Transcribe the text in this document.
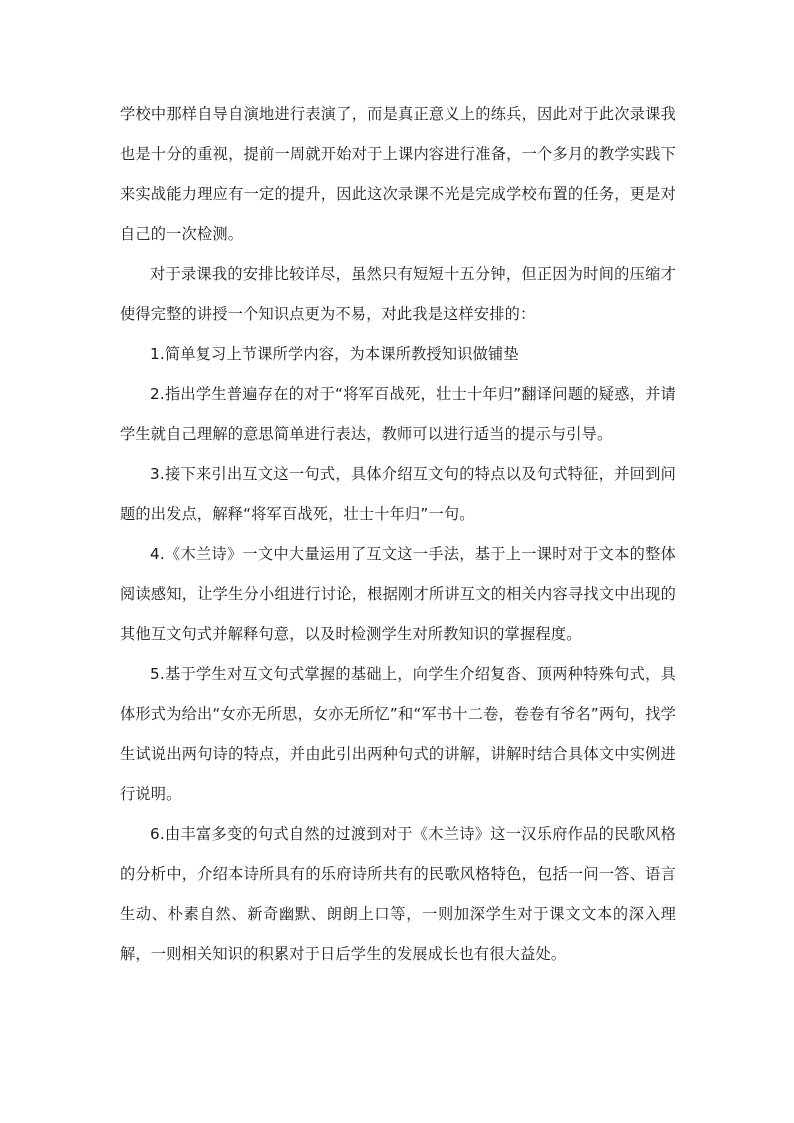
学校中那样自导自演地进行表演了，而是真正意义上的练兵，因此对于此次录课我也是十分的重视，提前一周就开始对于上课内容进行准备，一个多月的教学实践下来实战能力理应有一定的提升，因此这次录课不光是完成学校布置的任务，更是对自己的一次检测。

对于录课我的安排比较详尽，虽然只有短短十五分钟，但正因为时间的压缩才使得完整的讲授一个知识点更为不易，对此我是这样安排的：

1.简单复习上节课所学内容，为本课所教授知识做铺垫

2.指出学生普遍存在的对于“将军百战死，壮士十年归”翻译问题的疑惑，并请学生就自己理解的意思简单进行表达，教师可以进行适当的提示与引导。

3.接下来引出互文这一句式，具体介绍互文句的特点以及句式特征，并回到问题的出发点，解释“将军百战死，壮士十年归”一句。

4.《木兰诗》一文中大量运用了互文这一手法，基于上一课时对于文本的整体阅读感知，让学生分小组进行讨论，根据刚才所讲互文的相关内容寻找文中出现的其他互文句式并解释句意，以及时检测学生对所教知识的掌握程度。

5.基于学生对互文句式掌握的基础上，向学生介绍复沓、顶两种特殊句式，具体形式为给出“女亦无所思，女亦无所忆”和“军书十二卷，卷卷有爷名”两句，找学生试说出两句诗的特点，并由此引出两种句式的讲解，讲解时结合具体文中实例进行说明。

6.由丰富多变的句式自然的过渡到对于《木兰诗》这一汉乐府作品的民歌风格的分析中，介绍本诗所具有的乐府诗所共有的民歌风格特色，包括一问一答、语言生动、朴素自然、新奇幽默、朗朗上口等，一则加深学生对于课文文本的深入理解，一则相关知识的积累对于日后学生的发展成长也有很大益处。
